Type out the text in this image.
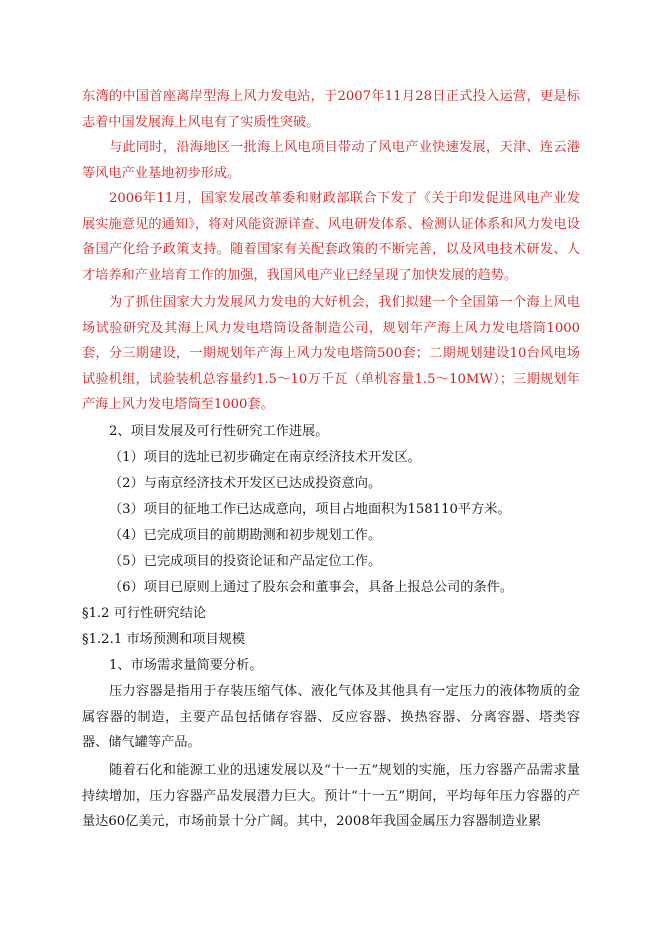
东湾的中国首座离岸型海上风力发电站，于2007年11月28日正式投入运营，更是标志着中国发展海上风电有了实质性突破。

与此同时，沿海地区一批海上风电项目带动了风电产业快速发展，天津、连云港等风电产业基地初步形成。

2006年11月，国家发展改革委和财政部联合下发了《关于印发促进风电产业发展实施意见的通知》，将对风能资源详查、风电研发体系、检测认证体系和风力发电设备国产化给予政策支持。随着国家有关配套政策的不断完善，以及风电技术研发、人才培养和产业培育工作的加强，我国风电产业已经呈现了加快发展的趋势。

为了抓住国家大力发展风力发电的大好机会，我们拟建一个全国第一个海上风电场试验研究及其海上风力发电塔筒设备制造公司，规划年产海上风力发电塔筒1000套，分三期建设，一期规划年产海上风力发电塔筒500套；二期规划建设10台风电场试验机组，试验装机总容量约1.5～10万千瓦（单机容量1.5～10MW）；三期规划年产海上风力发电塔筒至1000套。

2、项目发展及可行性研究工作进展。

（1）项目的选址已初步确定在南京经济技术开发区。

（2）与南京经济技术开发区已达成投资意向。

（3）项目的征地工作已达成意向，项目占地面积为158110平方米。

（4）已完成项目的前期勘测和初步规划工作。

（5）已完成项目的投资论证和产品定位工作。

（6）项目已原则上通过了股东会和董事会，具备上报总公司的条件。

§1.2 可行性研究结论

§1.2.1 市场预测和项目规模

1、市场需求量简要分析。

压力容器是指用于存装压缩气体、液化气体及其他具有一定压力的液体物质的金属容器的制造，主要产品包括储存容器、反应容器、换热容器、分离容器、塔类容器、储气罐等产品。

随着石化和能源工业的迅速发展以及“十一五”规划的实施，压力容器产品需求量持续增加，压力容器产品发展潜力巨大。预计“十一五”期间，平均每年压力容器的产量达60亿美元，市场前景十分广阔。其中，2008年我国金属压力容器制造业累
